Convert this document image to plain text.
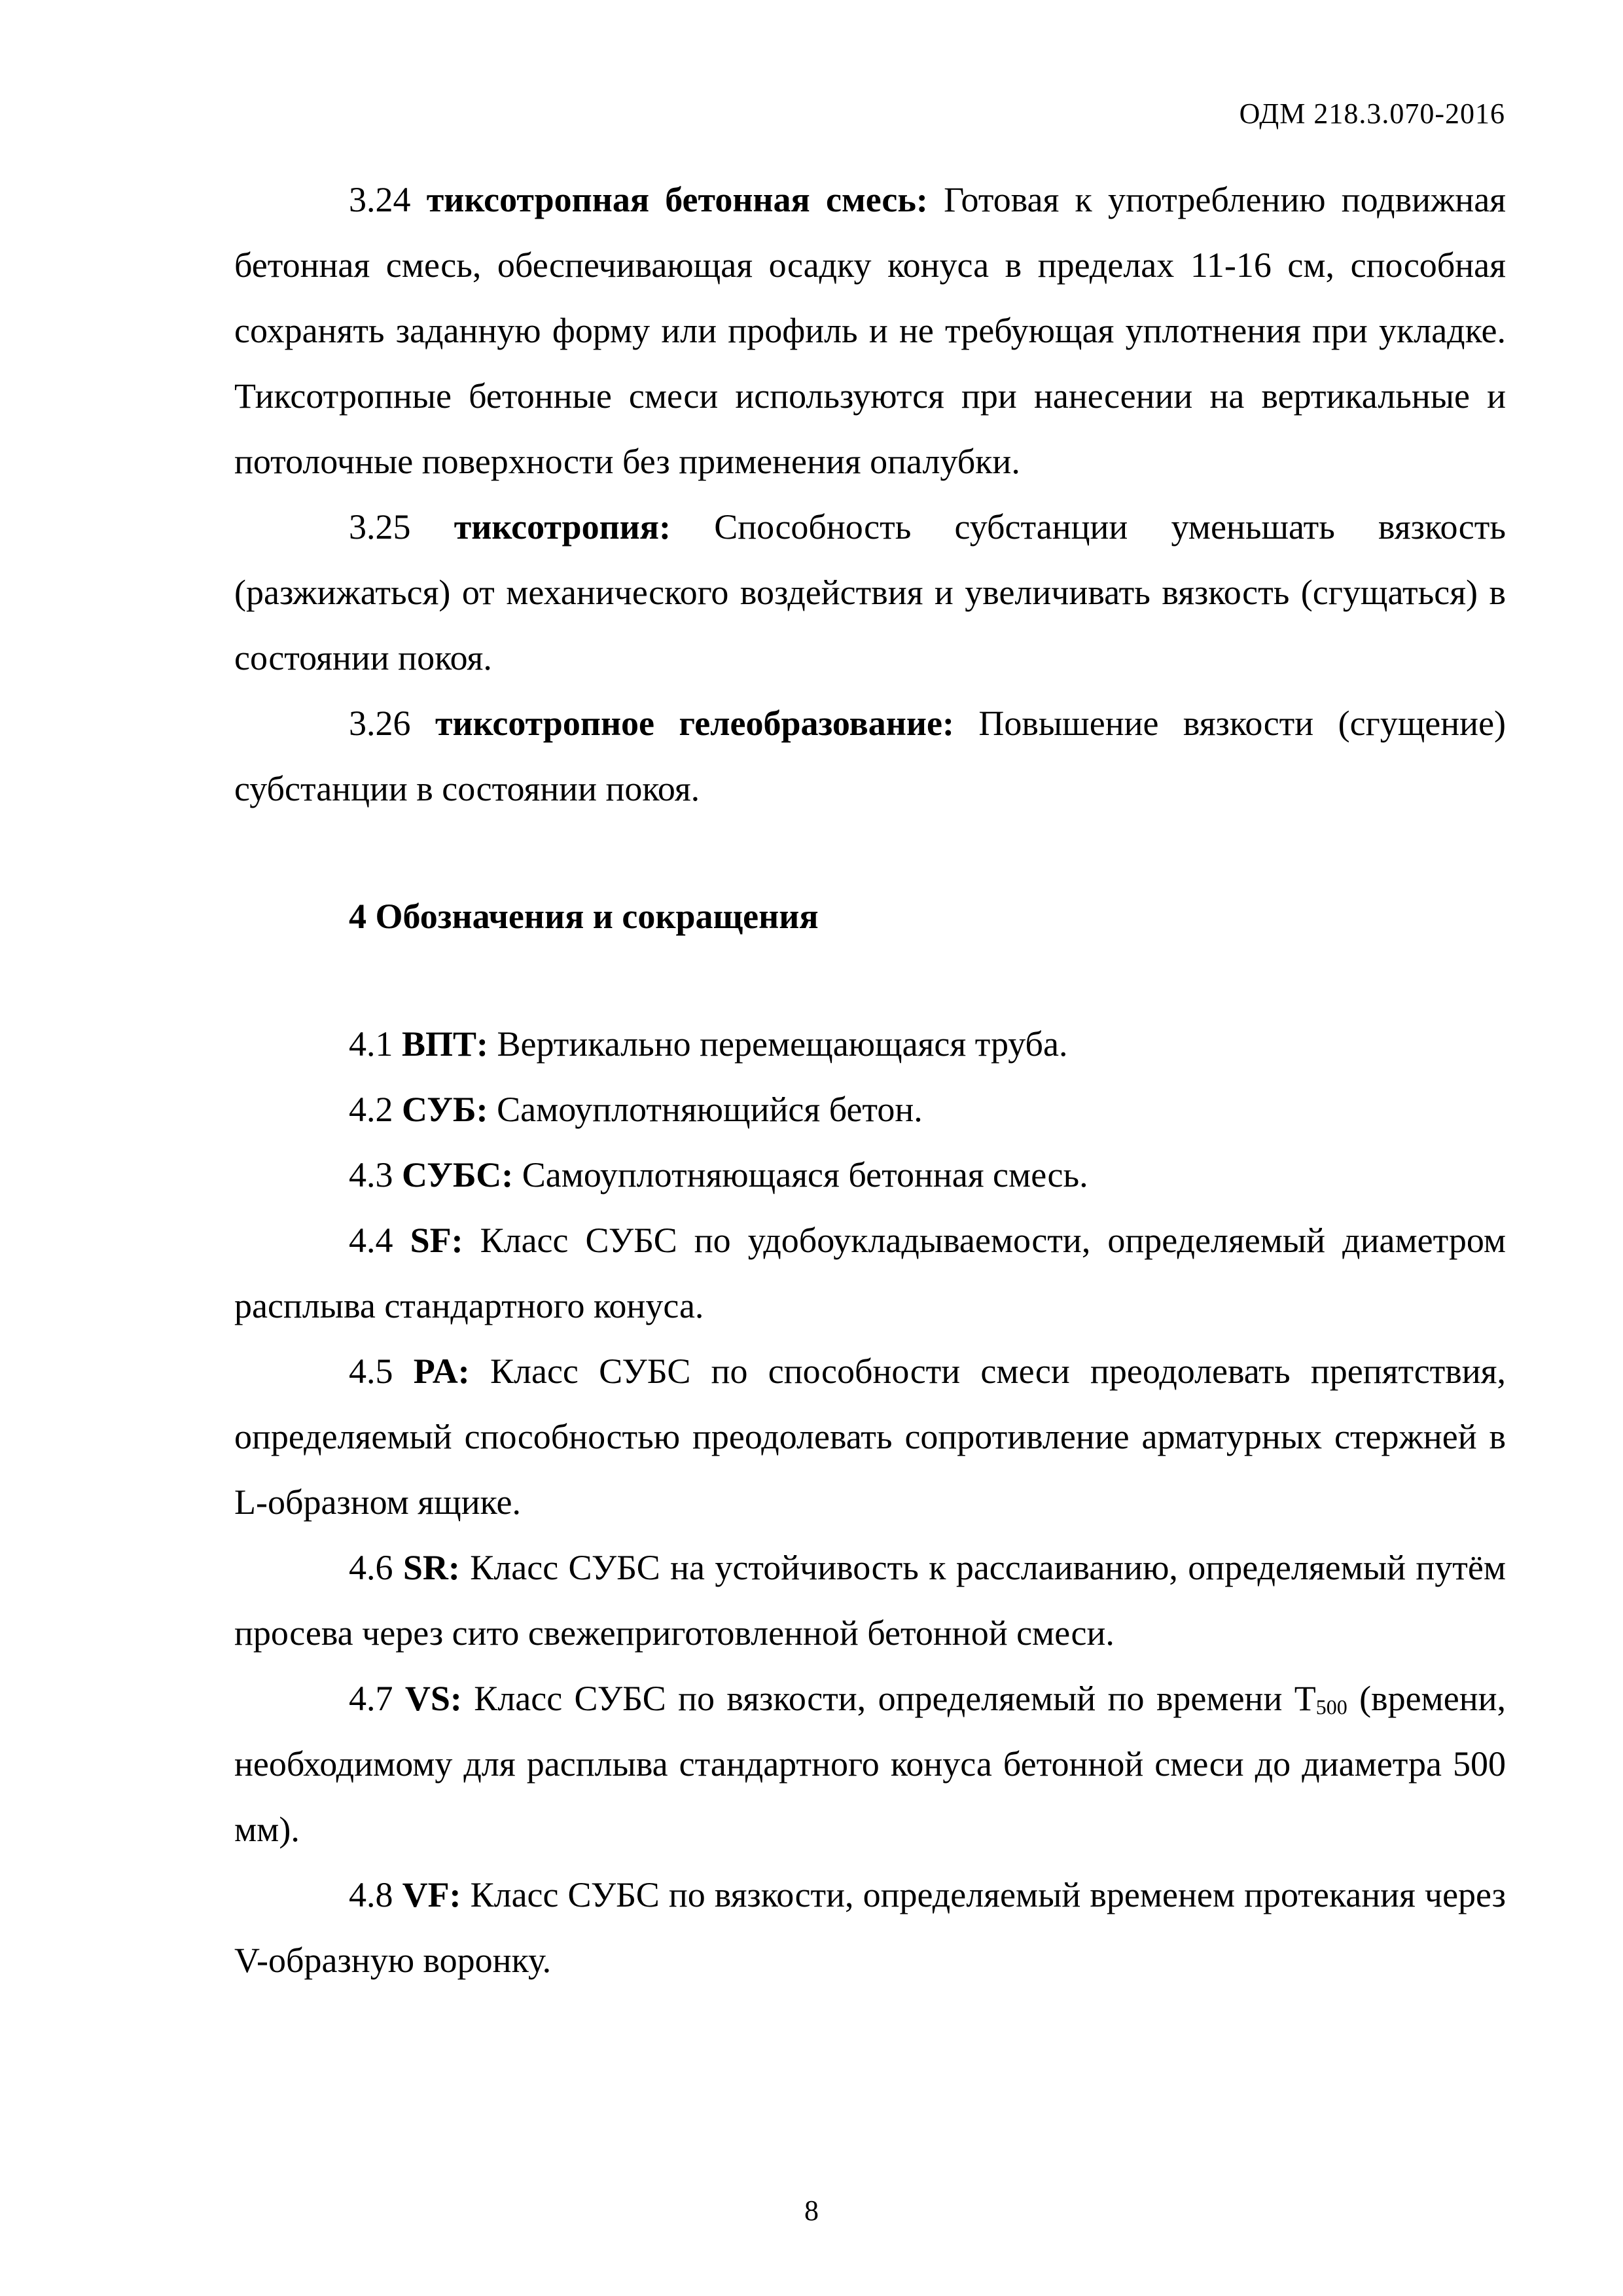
ОДМ 218.3.070-2016

3.24 тиксотропная бетонная смесь: Готовая к употреблению подвижная бетонная смесь, обеспечивающая осадку конуса в пределах 11-16 см, способная сохранять заданную форму или профиль и не требующая уплотнения при укладке. Тиксотропные бетонные смеси используются при нанесении на вертикальные и потолочные поверхности без применения опалубки.

3.25 тиксотропия: Способность субстанции уменьшать вязкость (разжижаться) от механического воздействия и увеличивать вязкость (сгущаться) в состоянии покоя.

3.26 тиксотропное гелеобразование: Повышение вязкости (сгущение) субстанции в состоянии покоя.

4 Обозначения и сокращения

4.1 ВПТ: Вертикально перемещающаяся труба.

4.2 СУБ: Самоуплотняющийся бетон.

4.3 СУБС: Самоуплотняющаяся бетонная смесь.

4.4 SF: Класс СУБС по удобоукладываемости, определяемый диаметром расплыва стандартного конуса.

4.5 PA: Класс СУБС по способности смеси преодолевать препятствия, определяемый способностью преодолевать сопротивление арматурных стержней в L-образном ящике.

4.6 SR: Класс СУБС на устойчивость к расслаиванию, определяемый путём просева через сито свежеприготовленной бетонной смеси.

4.7 VS: Класс СУБС по вязкости, определяемый по времени $Т_{500}$ (времени, необходимому для расплыва стандартного конуса бетонной смеси до диаметра 500 мм).

4.8 VF: Класс СУБС по вязкости, определяемый временем протекания через V-образную воронку.

8
